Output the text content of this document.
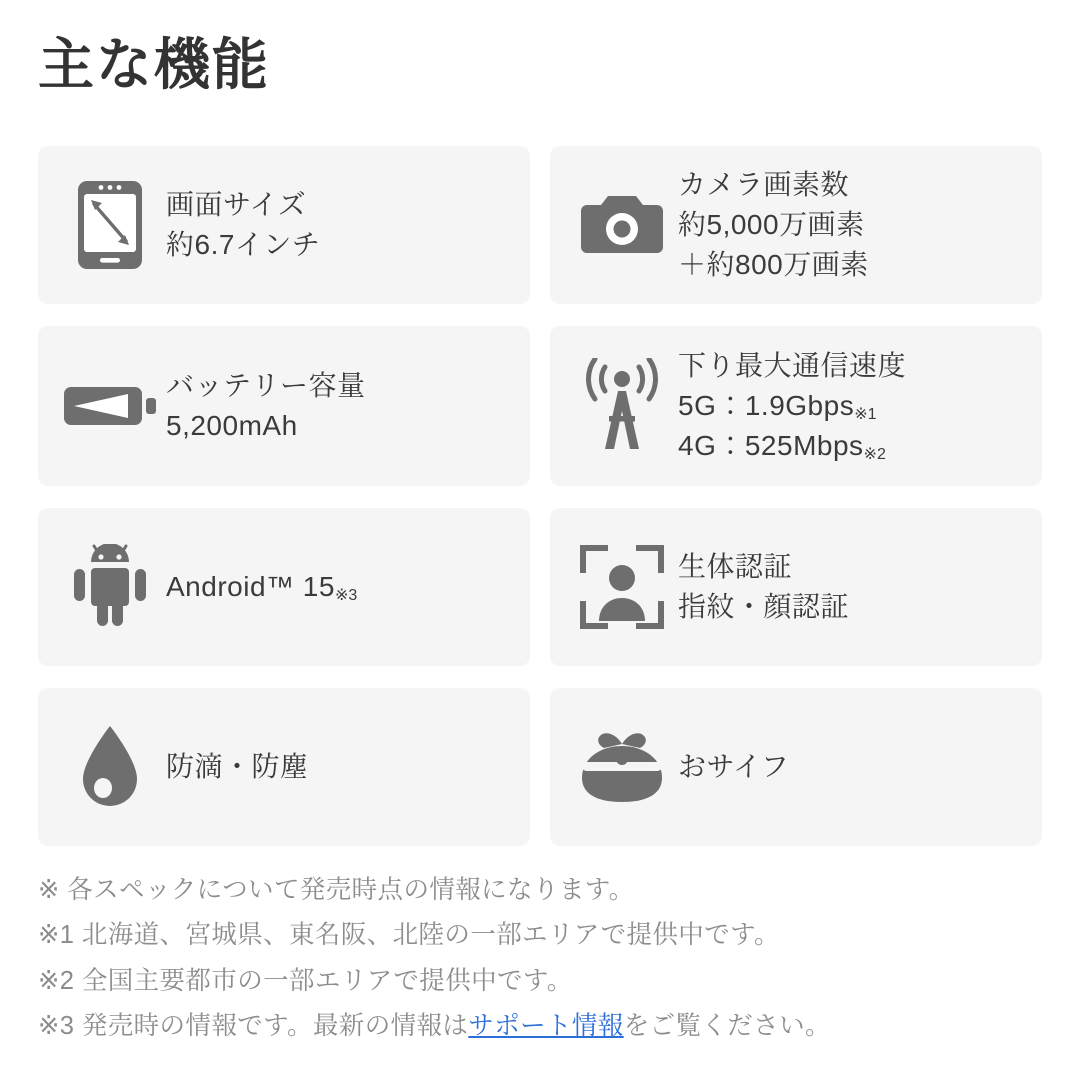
主な機能
画面サイズ
約6.7インチ
カメラ画素数
約5,000万画素
＋約800万画素
バッテリー容量
5,200mAh
下り最大通信速度
5G：1.9Gbps※1
4G：525Mbps※2
Android™ 15※3
生体認証
指紋・顔認証
防滴・防塵	おサイフ
※ 各スペックについて発売時点の情報になります。
※1 北海道、宮城県、東名阪、北陸の一部エリアで提供中です。
※2 全国主要都市の一部エリアで提供中です。
※3 発売時の情報です。最新の情報はサポート情報をご覧ください。
